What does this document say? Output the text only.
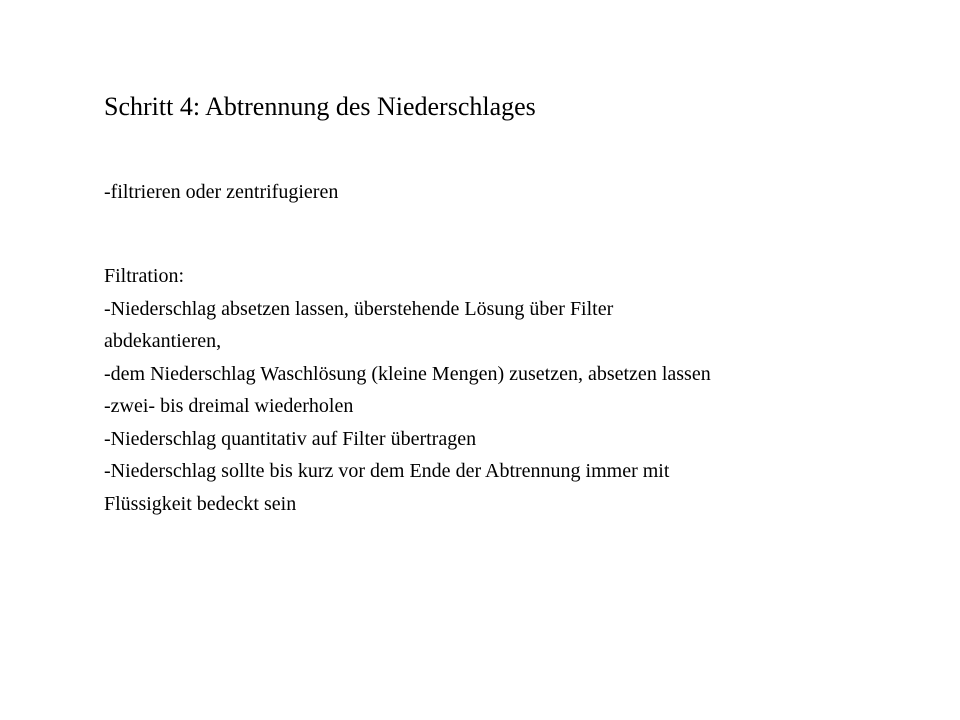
Schritt 4: Abtrennung des Niederschlages
-filtrieren oder zentrifugieren
Filtration:
-Niederschlag absetzen lassen, überstehende Lösung über Filter
abdekantieren,
-dem Niederschlag Waschlösung (kleine Mengen) zusetzen, absetzen lassen
-zwei- bis dreimal wiederholen
-Niederschlag quantitativ auf Filter übertragen
-Niederschlag sollte bis kurz vor dem Ende der Abtrennung immer mit
Flüssigkeit bedeckt sein
